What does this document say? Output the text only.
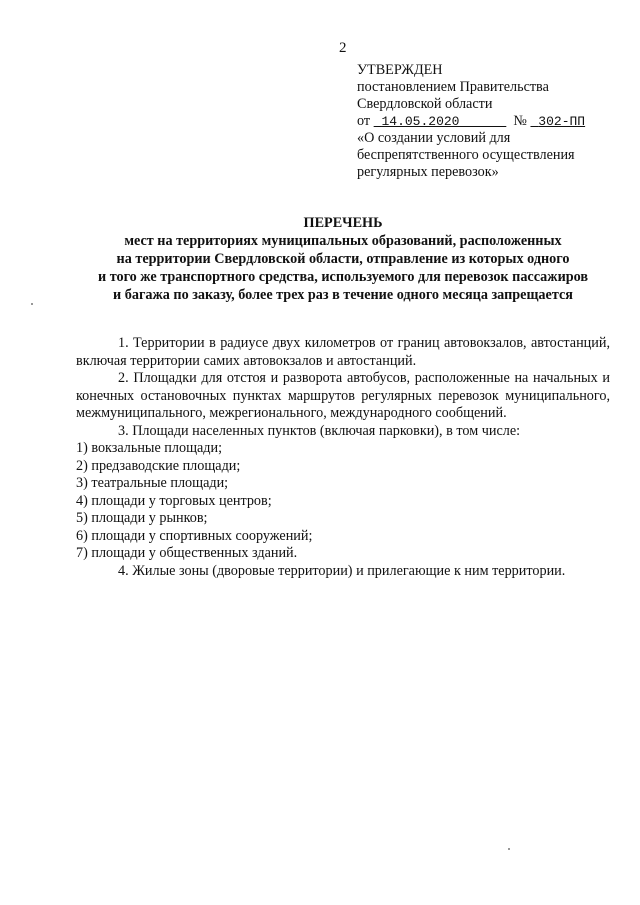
2
УТВЕРЖДЕН
постановлением Правительства
Свердловской области
от 14.05.2020	№ 302-ПП
«О создании условий для
беспрепятственного осуществления
регулярных перевозок»
ПЕРЕЧЕНЬ
мест на территориях муниципальных образований, расположенных
на территории Свердловской области, отправление из которых одного
и того же транспортного средства, используемого для перевозок пассажиров
и багажа по заказу, более трех раз в течение одного месяца запрещается
1. Территории в радиусе двух километров от границ автовокзалов, автостанций, включая территории самих автовокзалов и автостанций.
2. Площадки для отстоя и разворота автобусов, расположенные на начальных и конечных остановочных пунктах маршрутов регулярных перевозок муниципального, межмуниципального, межрегионального, международного сообщений.
3. Площади населенных пунктов (включая парковки), в том числе:
1) вокзальные площади;
2) предзаводские площади;
3) театральные площади;
4) площади у торговых центров;
5) площади у рынков;
6) площади у спортивных сооружений;
7) площади у общественных зданий.
4. Жилые зоны (дворовые территории) и прилегающие к ним территории.
